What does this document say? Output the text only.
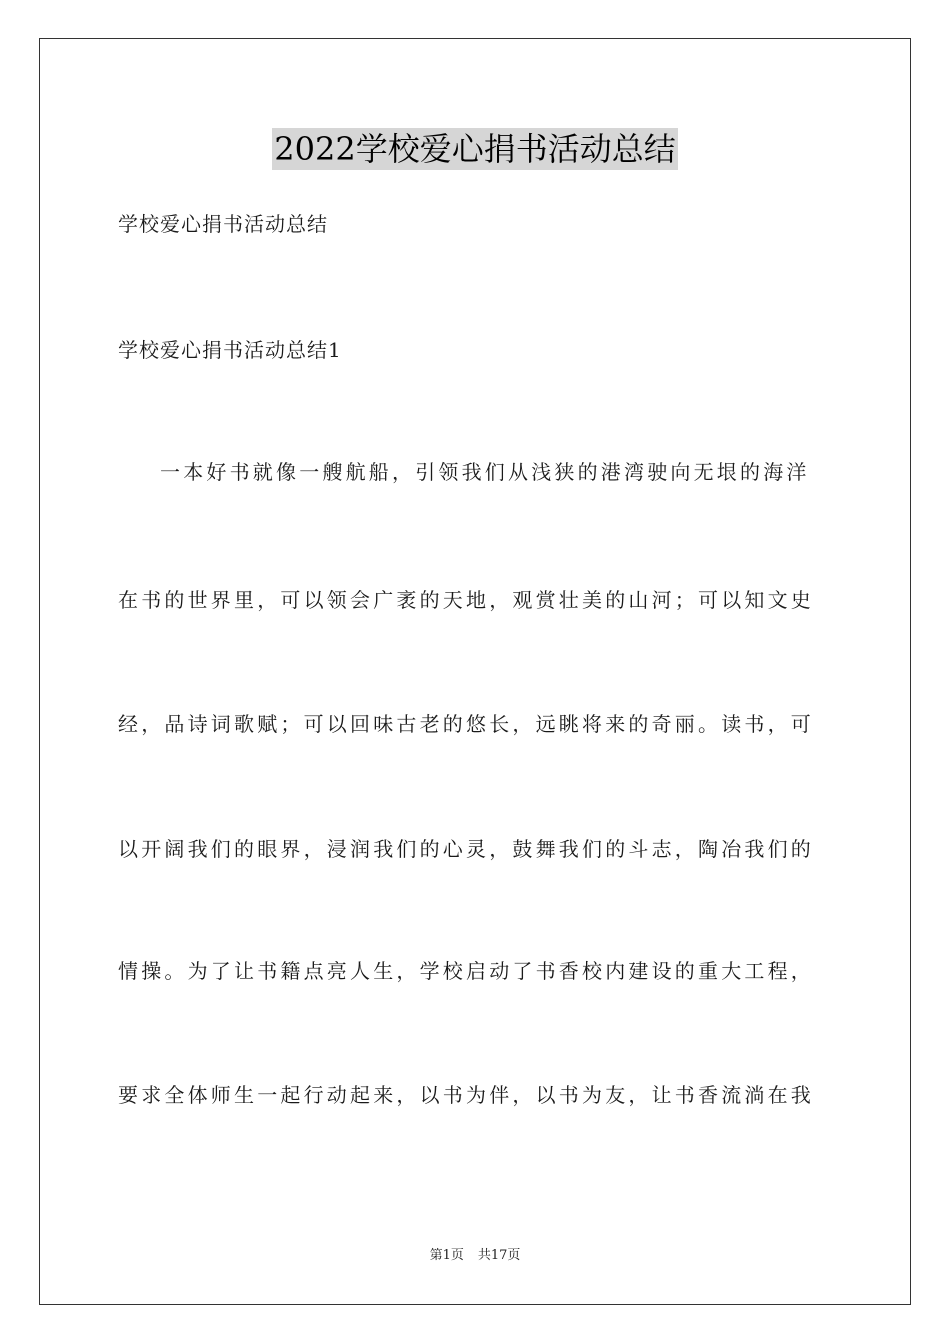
2022学校爱心捐书活动总结
学校爱心捐书活动总结
学校爱心捐书活动总结1
一本好书就像一艘航船，引领我们从浅狭的港湾驶向无垠的海洋
在书的世界里，可以领会广袤的天地，观赏壮美的山河；可以知文史
经，品诗词歌赋；可以回味古老的悠长，远眺将来的奇丽。读书，可
以开阔我们的眼界，浸润我们的心灵，鼓舞我们的斗志，陶冶我们的
情操。为了让书籍点亮人生，学校启动了书香校内建设的重大工程，
要求全体师生一起行动起来，以书为伴，以书为友，让书香流淌在我
第1页 共17页
